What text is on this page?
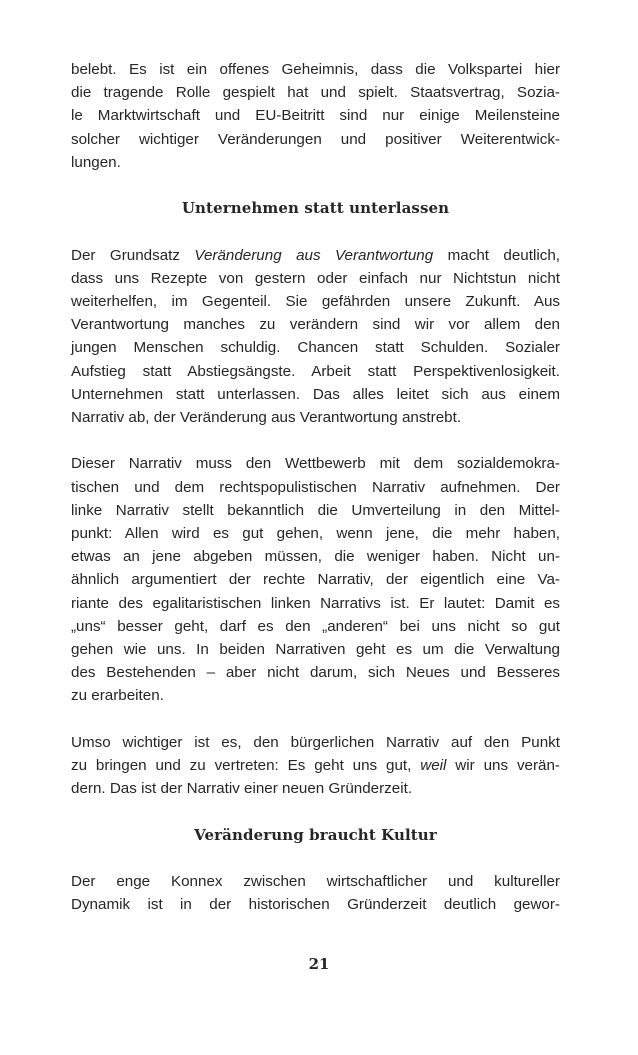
belebt. Es ist ein offenes Geheimnis, dass die Volkspartei hier
die tragende Rolle gespielt hat und spielt. Staatsvertrag, Sozia-
le Marktwirtschaft und EU-Beitritt sind nur einige Meilensteine
solcher wichtiger Veränderungen und positiver Weiterentwick-
lungen.

Unternehmen statt unterlassen

Der Grundsatz Veränderung aus Verantwortung macht deutlich,
dass uns Rezepte von gestern oder einfach nur Nichtstun nicht
weiterhelfen, im Gegenteil. Sie gefährden unsere Zukunft. Aus
Verantwortung manches zu verändern sind wir vor allem den
jungen Menschen schuldig. Chancen statt Schulden. Sozialer
Aufstieg statt Abstiegsängste. Arbeit statt Perspektivenlosigkeit.
Unternehmen statt unterlassen. Das alles leitet sich aus einem
Narrativ ab, der Veränderung aus Verantwortung anstrebt.
Dieser Narrativ muss den Wettbewerb mit dem sozialdemokra-
tischen und dem rechtspopulistischen Narrativ aufnehmen. Der
linke Narrativ stellt bekanntlich die Umverteilung in den Mittel-
punkt: Allen wird es gut gehen, wenn jene, die mehr haben,
etwas an jene abgeben müssen, die weniger haben. Nicht un-
ähnlich argumentiert der rechte Narrativ, der eigentlich eine Va-
riante des egalitaristischen linken Narrativs ist. Er lautet: Damit es
„uns“ besser geht, darf es den „anderen“ bei uns nicht so gut
gehen wie uns. In beiden Narrativen geht es um die Verwaltung
des Bestehenden – aber nicht darum, sich Neues und Besseres
zu erarbeiten.
Umso wichtiger ist es, den bürgerlichen Narrativ auf den Punkt
zu bringen und zu vertreten: Es geht uns gut, weil wir uns verän-
dern. Das ist der Narrativ einer neuen Gründerzeit.

Veränderung braucht Kultur

Der enge Konnex zwischen wirtschaftlicher und kultureller
Dynamik ist in der historischen Gründerzeit deutlich gewor-
21
